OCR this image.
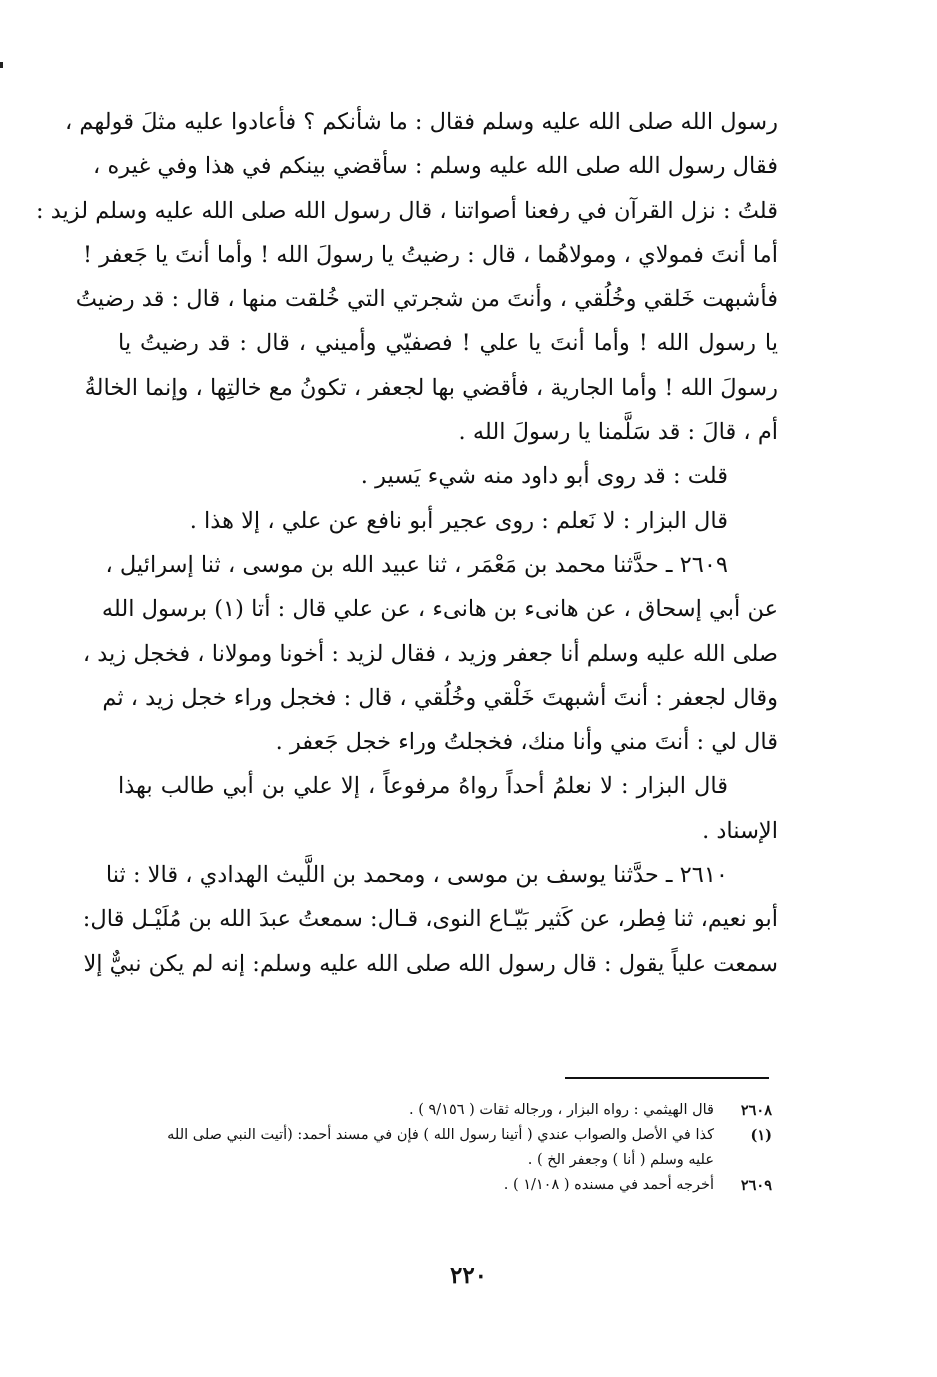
رسول الله صلى الله عليه وسلم فقال : ما شأنكم ؟ فأعادوا عليه مثلَ قولهم ،
فقال رسول الله صلى الله عليه وسلم : سأقضي بينكم في هذا وفي غيره ،
قلتُ : نزل القرآن في رفعنا أصواتنا ، قال رسول الله صلى الله عليه وسلم لزيد :
أما أنتَ فمولاي ، ومولاهُما ، قال : رضيتُ يا رسولَ الله ! وأما أنتَ يا جَعفر !
فأشبهت خَلقي وخُلُقي ، وأنتَ من شجرتي التي خُلقت منها ، قال : قد رضيتُ
يا رسول الله ! وأما أنتَ يا علي ! فصفيّي وأميني ، قال : قد رضيتُ يا
رسولَ الله ! وأما الجارية ، فأقضي بها لجعفر ، تكونُ مع خالتِها ، وإنما الخالةُ
أم ، قالَ : قد سَلَّمنا يا رسولَ الله .
قلت : قد روى أبو داود منه شيء يَسير .
قال البزار : لا نَعلم : روى عجير أبو نافع عن علي ، إلا هذا .
٢٦٠٩ ـ حدَّثنا محمد بن مَعْمَر ، ثنا عبيد الله بن موسى ، ثنا إسرائيل ،
عن أبي إسحاق ، عن هانىء بن هانىء ، عن علي قال : أتا (١) برسول الله
صلى الله عليه وسلم أنا جعفر وزيد ، فقال لزيد : أخونا ومولانا ، فخجل زيد ،
وقال لجعفر : أنتَ أشبهتَ خَلْقي وخُلُقي ، قال : فخجل وراء خجل زيد ، ثم
قال لي : أنتَ مني وأنا منك، فخجلتُ وراء خجل جَعفر .
قال البزار : لا نعلمُ أحداً رواهُ مرفوعاً ، إلا علي بن أبي طالب بهذا
الإسناد .
٢٦١٠ ـ حدَّثنا يوسف بن موسى ، ومحمد بن اللَّيث الهدادي ، قالا : ثنا
أبو نعيم، ثنا فِطر، عن كَثير بَيّـاع النوى، قـال: سمعتُ عبدَ الله بن مُلَيْـل قال:
سمعت علياً يقول : قال رسول الله صلى الله عليه وسلم: إنه لم يكن نبيٌّ إلا
٢٦٠٨
قال الهيثمي : رواه البزار ، ورجاله ثقات ( ٩/١٥٦ ) .
(١)
كذا في الأصل والصواب عندي ( أتينا رسول الله ) فإن في مسند أحمد: (أتيت النبي صلى الله
عليه وسلم ( أنا ) وجعفر الخ ) .
٢٦٠٩
أخرجه أحمد في مسنده ( ١/١٠٨ ) .
٢٢٠
